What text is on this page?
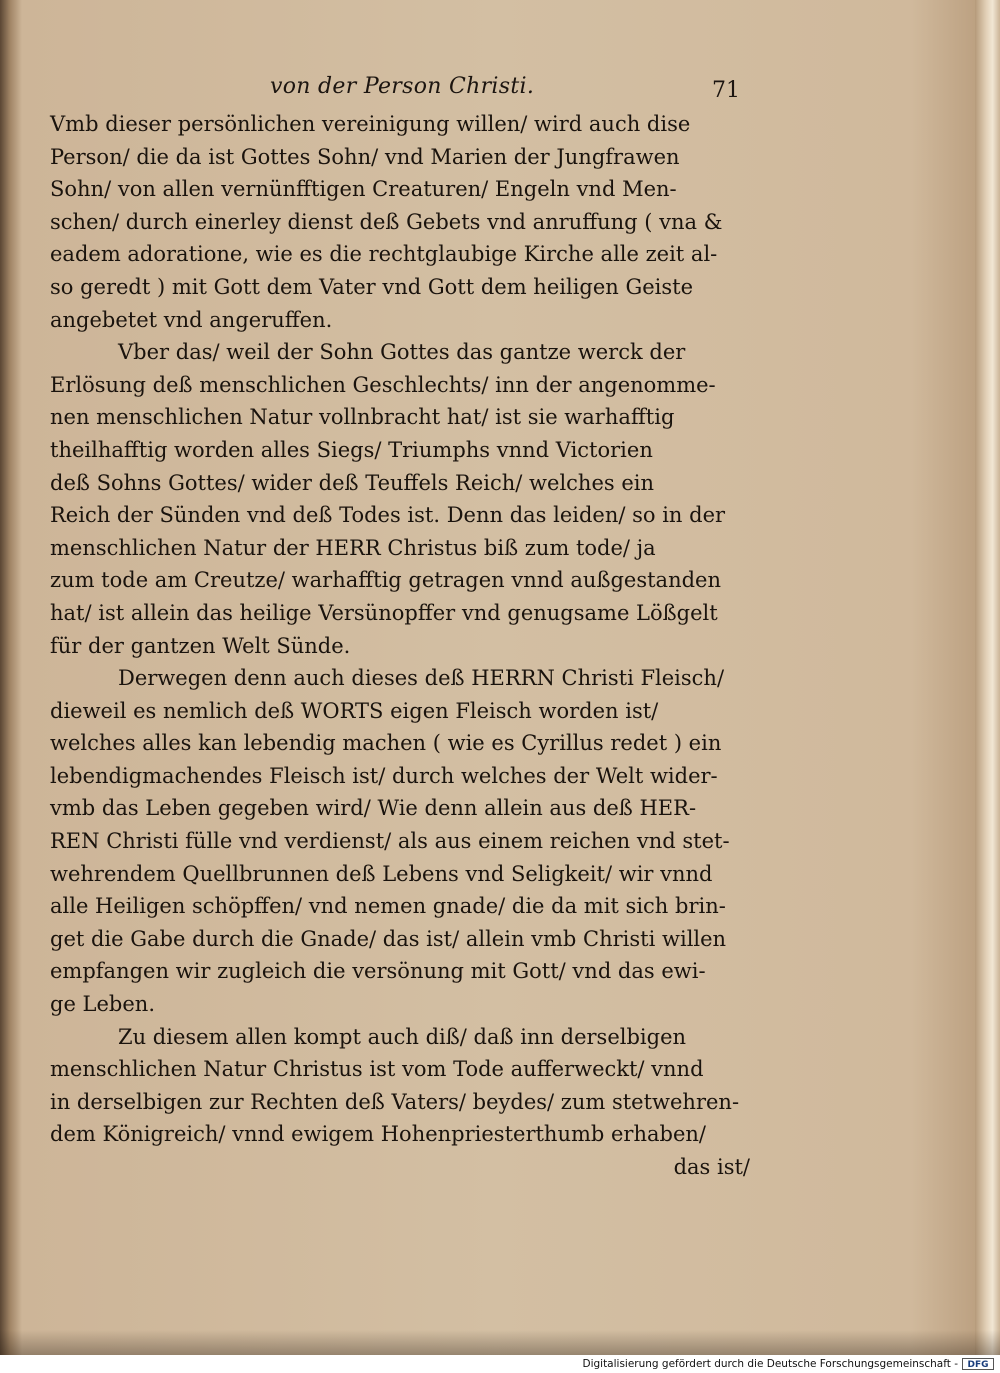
von der Person Christi.	71
Vmb dieser persönlichen vereinigung willen/ wird auch dise
Person/ die da ist Gottes Sohn/ vnd Marien der Jungfrawen
Sohn/ von allen vernünfftigen Creaturen/ Engeln vnd Men-
schen/ durch einerley dienst deß Gebets vnd anruffung ( vna &
eadem adoratione, wie es die rechtglaubige Kirche alle zeit al-
so geredt ) mit Gott dem Vater vnd Gott dem heiligen Geiste
angebetet vnd angeruffen.
Vber das/ weil der Sohn Gottes das gantze werck der
Erlösung deß menschlichen Geschlechts/ inn der angenomme-
nen menschlichen Natur vollnbracht hat/ ist sie warhafftig
theilhafftig worden alles Siegs/ Triumphs vnnd Victorien
deß Sohns Gottes/ wider deß Teuffels Reich/ welches ein
Reich der Sünden vnd deß Todes ist. Denn das leiden/ so in der
menschlichen Natur der HERR Christus biß zum tode/ ja
zum tode am Creutze/ warhafftig getragen vnnd außgestanden
hat/ ist allein das heilige Versünopffer vnd genugsame Lößgelt
für der gantzen Welt Sünde.
Derwegen denn auch dieses deß HERRN Christi Fleisch/
dieweil es nemlich deß WORTS eigen Fleisch worden ist/
welches alles kan lebendig machen ( wie es Cyrillus redet ) ein
lebendigmachendes Fleisch ist/ durch welches der Welt wider-
vmb das Leben gegeben wird/ Wie denn allein aus deß HER-
REN Christi fülle vnd verdienst/ als aus einem reichen vnd stet-
wehrendem Quellbrunnen deß Lebens vnd Seligkeit/ wir vnnd
alle Heiligen schöpffen/ vnd nemen gnade/ die da mit sich brin-
get die Gabe durch die Gnade/ das ist/ allein vmb Christi willen
empfangen wir zugleich die versönung mit Gott/ vnd das ewi-
ge Leben.
Zu diesem allen kompt auch diß/ daß inn derselbigen
menschlichen Natur Christus ist vom Tode aufferweckt/ vnnd
in derselbigen zur Rechten deß Vaters/ beydes/ zum stetwehren-
dem Königreich/ vnnd ewigem Hohenpriesterthumb erhaben/
das ist/
Digitalisierung gefördert durch die Deutsche Forschungsgemeinschaft -	DFG
